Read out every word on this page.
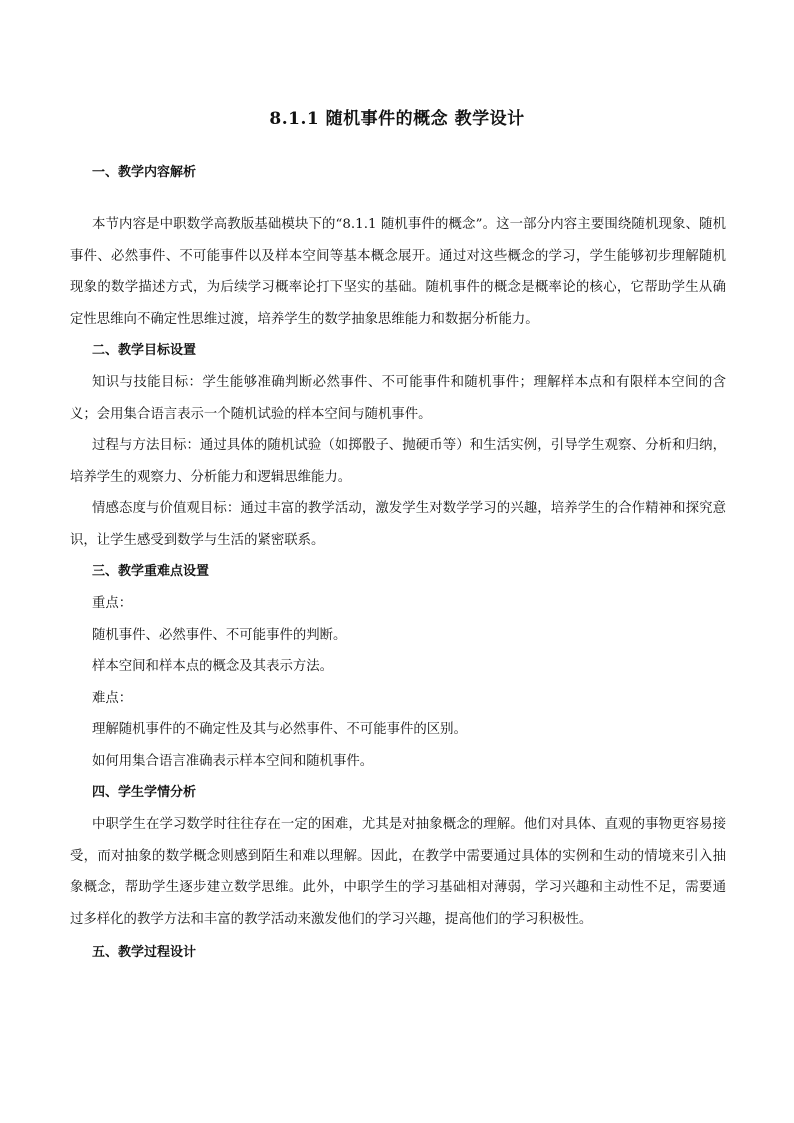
8.1.1 随机事件的概念 教学设计
一、教学内容解析

本节内容是中职数学高教版基础模块下的“8.1.1 随机事件的概念”。这一部分内容主要围绕随机现象、随机事件、必然事件、不可能事件以及样本空间等基本概念展开。通过对这些概念的学习，学生能够初步理解随机现象的数学描述方式，为后续学习概率论打下坚实的基础。随机事件的概念是概率论的核心，它帮助学生从确定性思维向不确定性思维过渡，培养学生的数学抽象思维能力和数据分析能力。

二、教学目标设置

知识与技能目标：学生能够准确判断必然事件、不可能事件和随机事件；理解样本点和有限样本空间的含义；会用集合语言表示一个随机试验的样本空间与随机事件。

过程与方法目标：通过具体的随机试验（如掷骰子、抛硬币等）和生活实例，引导学生观察、分析和归纳，培养学生的观察力、分析能力和逻辑思维能力。

情感态度与价值观目标：通过丰富的教学活动，激发学生对数学学习的兴趣，培养学生的合作精神和探究意识，让学生感受到数学与生活的紧密联系。

三、教学重难点设置
重点：
随机事件、必然事件、不可能事件的判断。
样本空间和样本点的概念及其表示方法。
难点：
理解随机事件的不确定性及其与必然事件、不可能事件的区别。
如何用集合语言准确表示样本空间和随机事件。
四、学生学情分析

中职学生在学习数学时往往存在一定的困难，尤其是对抽象概念的理解。他们对具体、直观的事物更容易接受，而对抽象的数学概念则感到陌生和难以理解。因此，在教学中需要通过具体的实例和生动的情境来引入抽象概念，帮助学生逐步建立数学思维。此外，中职学生的学习基础相对薄弱，学习兴趣和主动性不足，需要通过多样化的教学方法和丰富的教学活动来激发他们的学习兴趣，提高他们的学习积极性。

五、教学过程设计
